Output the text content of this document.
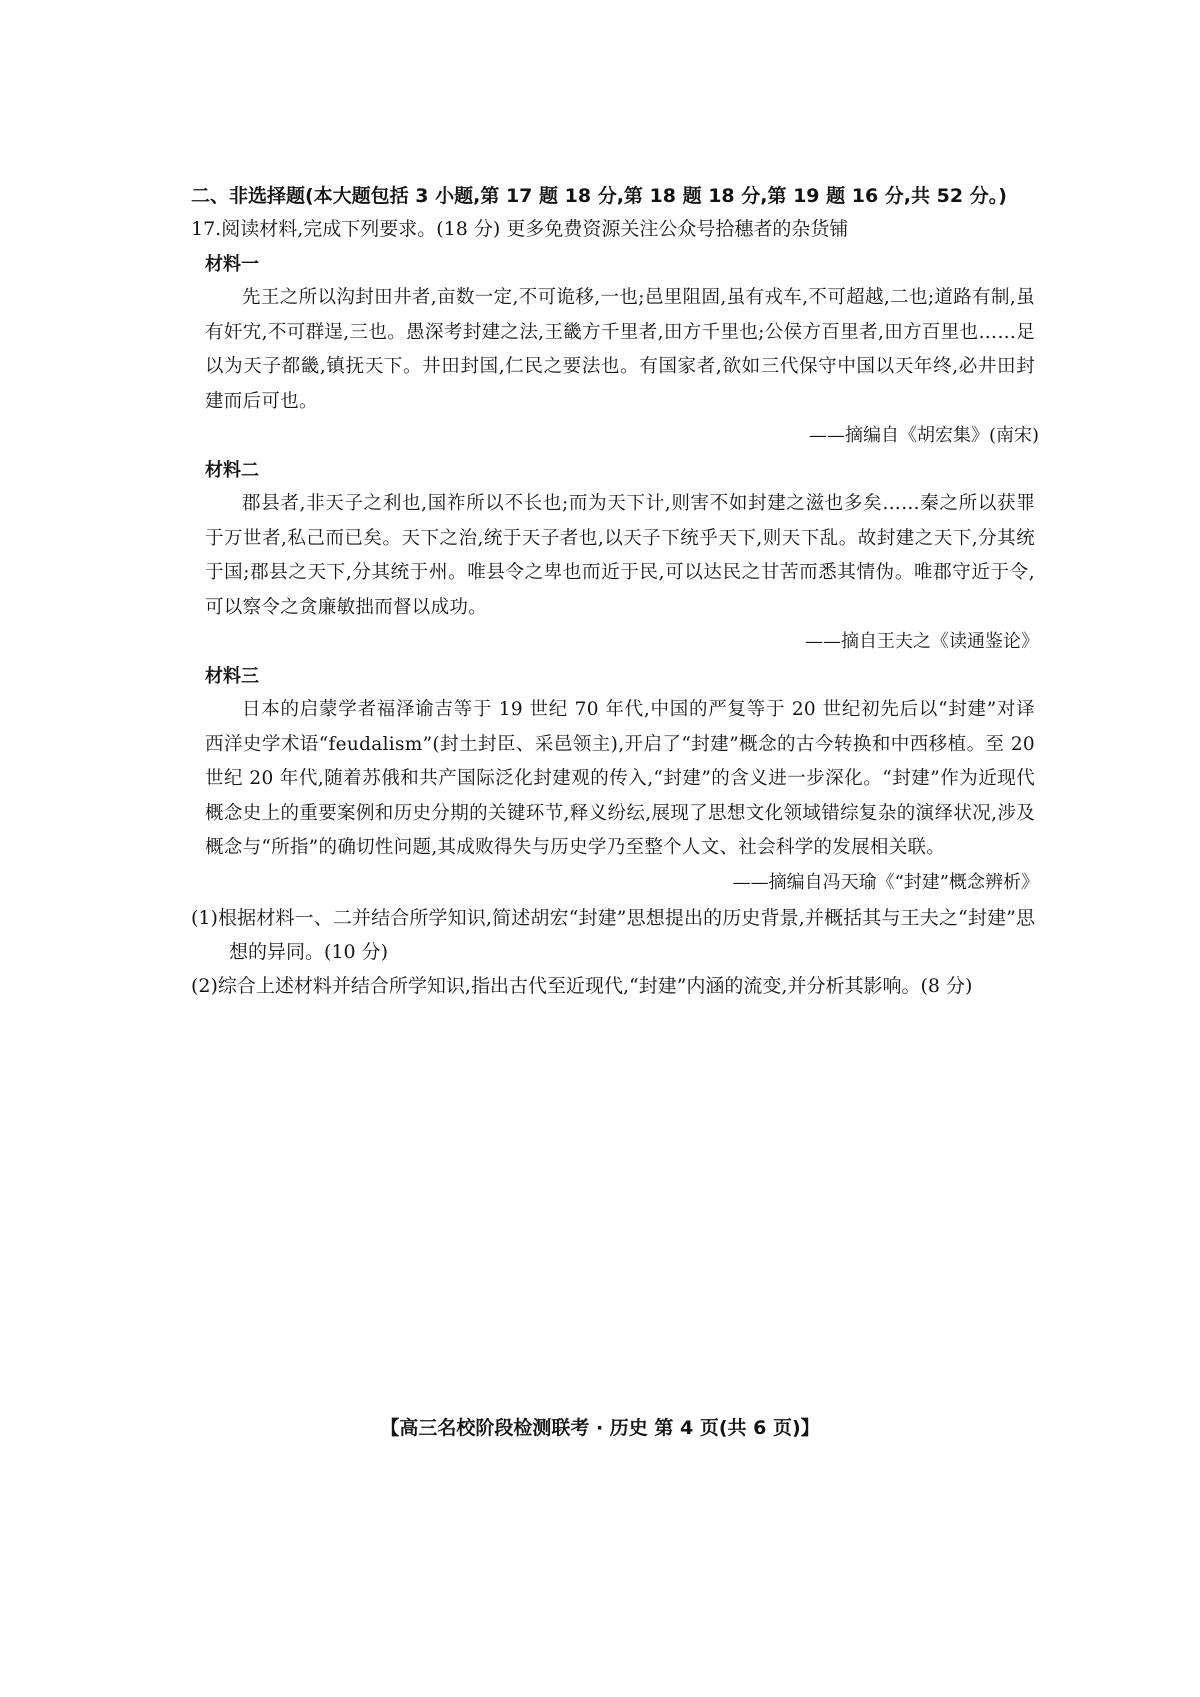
二、非选择题(本大题包括 3 小题,第 17 题 18 分,第 18 题 18 分,第 19 题 16 分,共 52 分。)
17.阅读材料,完成下列要求。(18 分) 更多免费资源关注公众号拾穗者的杂货铺
材料一
先王之所以沟封田井者,亩数一定,不可诡移,一也;邑里阻固,虽有戎车,不可超越,二也;道路有制,虽有奸宄,不可群逞,三也。愚深考封建之法,王畿方千里者,田方千里也;公侯方百里者,田方百里也……足以为天子都畿,镇抚天下。井田封国,仁民之要法也。有国家者,欲如三代保守中国以天年终,必井田封建而后可也。
——摘编自《胡宏集》(南宋)
材料二
郡县者,非天子之利也,国祚所以不长也;而为天下计,则害不如封建之滋也多矣……秦之所以获罪于万世者,私己而已矣。天下之治,统于天子者也,以天子下统乎天下,则天下乱。故封建之天下,分其统于国;郡县之天下,分其统于州。唯县令之卑也而近于民,可以达民之甘苦而悉其情伪。唯郡守近于令,可以察令之贪廉敏拙而督以成功。
——摘自王夫之《读通鉴论》
材料三
日本的启蒙学者福泽谕吉等于 19 世纪 70 年代,中国的严复等于 20 世纪初先后以“封建”对译西洋史学术语“feudalism”(封土封臣、采邑领主),开启了“封建”概念的古今转换和中西移植。至 20 世纪 20 年代,随着苏俄和共产国际泛化封建观的传入,“封建”的含义进一步深化。“封建”作为近现代概念史上的重要案例和历史分期的关键环节,释义纷纭,展现了思想文化领域错综复杂的演绎状况,涉及概念与“所指”的确切性问题,其成败得失与历史学乃至整个人文、社会科学的发展相关联。
——摘编自冯天瑜《“封建”概念辨析》
(1)根据材料一、二并结合所学知识,简述胡宏“封建”思想提出的历史背景,并概括其与王夫之“封建”思想的异同。(10 分)
(2)综合上述材料并结合所学知识,指出古代至近现代,“封建”内涵的流变,并分析其影响。(8 分)
【高三名校阶段检测联考 · 历史 第 4 页(共 6 页)】
